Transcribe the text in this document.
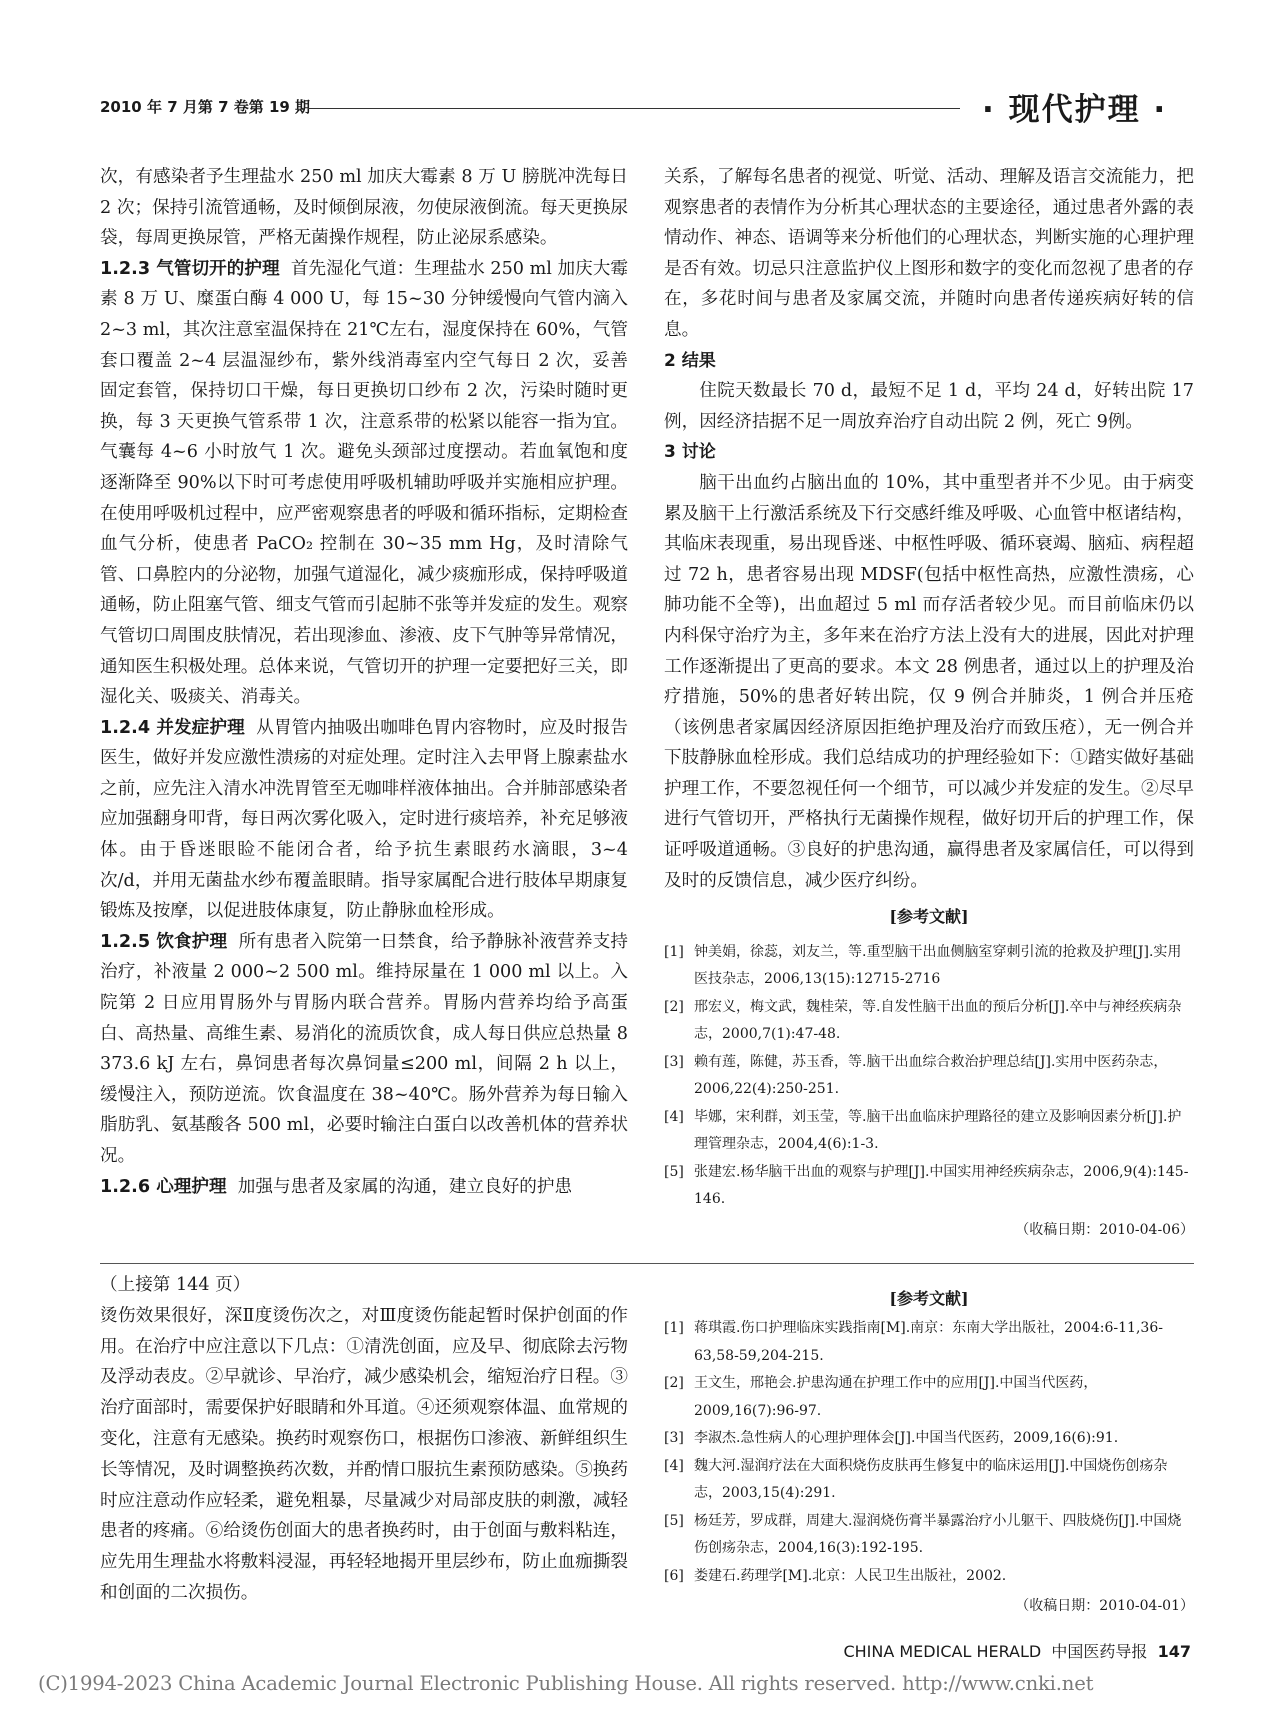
2010 年 7 月第 7 卷第 19 期	· 现代护理 ·

次，有感染者予生理盐水 250 ml 加庆大霉素 8 万 U 膀胱冲洗每日 2 次；保持引流管通畅，及时倾倒尿液，勿使尿液倒流。每天更换尿袋，每周更换尿管，严格无菌操作规程，防止泌尿系感染。

1.2.3 气管切开的护理 首先湿化气道：生理盐水 250 ml 加庆大霉素 8 万 U、糜蛋白酶 4 000 U，每 15~30 分钟缓慢向气管内滴入 2~3 ml，其次注意室温保持在 21℃左右，湿度保持在 60%，气管套口覆盖 2~4 层温湿纱布，紫外线消毒室内空气每日 2 次，妥善固定套管，保持切口干燥，每日更换切口纱布 2 次，污染时随时更换，每 3 天更换气管系带 1 次，注意系带的松紧以能容一指为宜。气囊每 4~6 小时放气 1 次。避免头颈部过度摆动。若血氧饱和度逐渐降至 90%以下时可考虑使用呼吸机辅助呼吸并实施相应护理。在使用呼吸机过程中，应严密观察患者的呼吸和循环指标，定期检查血气分析，使患者 PaCO₂ 控制在 30~35 mm Hg，及时清除气管、口鼻腔内的分泌物，加强气道湿化，减少痰痂形成，保持呼吸道通畅，防止阻塞气管、细支气管而引起肺不张等并发症的发生。观察气管切口周围皮肤情况，若出现渗血、渗液、皮下气肿等异常情况，通知医生积极处理。总体来说，气管切开的护理一定要把好三关，即湿化关、吸痰关、消毒关。

1.2.4 并发症护理 从胃管内抽吸出咖啡色胃内容物时，应及时报告医生，做好并发应激性溃疡的对症处理。定时注入去甲肾上腺素盐水之前，应先注入清水冲洗胃管至无咖啡样液体抽出。合并肺部感染者应加强翻身叩背，每日两次雾化吸入，定时进行痰培养，补充足够液体。由于昏迷眼睑不能闭合者，给予抗生素眼药水滴眼，3~4 次/d，并用无菌盐水纱布覆盖眼睛。指导家属配合进行肢体早期康复锻炼及按摩，以促进肢体康复，防止静脉血栓形成。

1.2.5 饮食护理 所有患者入院第一日禁食，给予静脉补液营养支持治疗，补液量 2 000~2 500 ml。维持尿量在 1 000 ml 以上。入院第 2 日应用胃肠外与胃肠内联合营养。胃肠内营养均给予高蛋白、高热量、高维生素、易消化的流质饮食，成人每日供应总热量 8 373.6 kJ 左右，鼻饲患者每次鼻饲量≤200 ml，间隔 2 h 以上，缓慢注入，预防逆流。饮食温度在 38~40℃。肠外营养为每日输入脂肪乳、氨基酸各 500 ml，必要时输注白蛋白以改善机体的营养状况。

1.2.6 心理护理 加强与患者及家属的沟通，建立良好的护患

关系，了解每名患者的视觉、听觉、活动、理解及语言交流能力，把观察患者的表情作为分析其心理状态的主要途径，通过患者外露的表情动作、神态、语调等来分析他们的心理状态，判断实施的心理护理是否有效。切忌只注意监护仪上图形和数字的变化而忽视了患者的存在，多花时间与患者及家属交流，并随时向患者传递疾病好转的信息。

2 结果

住院天数最长 70 d，最短不足 1 d，平均 24 d，好转出院 17 例，因经济拮据不足一周放弃治疗自动出院 2 例，死亡 9例。

3 讨论

脑干出血约占脑出血的 10%，其中重型者并不少见。由于病变累及脑干上行激活系统及下行交感纤维及呼吸、心血管中枢诸结构，其临床表现重，易出现昏迷、中枢性呼吸、循环衰竭、脑疝、病程超过 72 h，患者容易出现 MDSF(包括中枢性高热，应激性溃疡，心肺功能不全等)，出血超过 5 ml 而存活者较少见。而目前临床仍以内科保守治疗为主，多年来在治疗方法上没有大的进展，因此对护理工作逐渐提出了更高的要求。本文 28 例患者，通过以上的护理及治疗措施，50%的患者好转出院，仅 9 例合并肺炎，1 例合并压疮（该例患者家属因经济原因拒绝护理及治疗而致压疮），无一例合并下肢静脉血栓形成。我们总结成功的护理经验如下：①踏实做好基础护理工作，不要忽视任何一个细节，可以减少并发症的发生。②尽早进行气管切开，严格执行无菌操作规程，做好切开后的护理工作，保证呼吸道通畅。③良好的护患沟通，赢得患者及家属信任，可以得到及时的反馈信息，减少医疗纠纷。

[参考文献]
[1] 钟美娟，徐蕊，刘友兰，等.重型脑干出血侧脑室穿刺引流的抢救及护理[J].实用医技杂志，2006,13(15):12715-2716
[2] 邢宏义，梅文武，魏桂荣，等.自发性脑干出血的预后分析[J].卒中与神经疾病杂志，2000,7(1):47-48.
[3] 赖有莲，陈健，苏玉香，等.脑干出血综合救治护理总结[J].实用中医药杂志，2006,22(4):250-251.
[4] 毕娜，宋利群，刘玉莹，等.脑干出血临床护理路径的建立及影响因素分析[J].护理管理杂志，2004,4(6):1-3.
[5] 张建宏.杨华脑干出血的观察与护理[J].中国实用神经疾病杂志，2006,9(4):145-146.
（收稿日期：2010-04-06）

（上接第 144 页）

烫伤效果很好，深Ⅱ度烫伤次之，对Ⅲ度烫伤能起暂时保护创面的作用。在治疗中应注意以下几点：①清洗创面，应及早、彻底除去污物及浮动表皮。②早就诊、早治疗，减少感染机会，缩短治疗日程。③治疗面部时，需要保护好眼睛和外耳道。④还须观察体温、血常规的变化，注意有无感染。换药时观察伤口，根据伤口渗液、新鲜组织生长等情况，及时调整换药次数，并酌情口服抗生素预防感染。⑤换药时应注意动作应轻柔，避免粗暴，尽量减少对局部皮肤的刺激，减轻患者的疼痛。⑥给烫伤创面大的患者换药时，由于创面与敷料粘连，应先用生理盐水将敷料浸湿，再轻轻地揭开里层纱布，防止血痂撕裂和创面的二次损伤。

[参考文献]
[1] 蒋琪霞.伤口护理临床实践指南[M].南京：东南大学出版社，2004:6-11,36-63,58-59,204-215.
[2] 王文生，邢艳会.护患沟通在护理工作中的应用[J].中国当代医药，2009,16(7):96-97.
[3] 李淑杰.急性病人的心理护理体会[J].中国当代医药，2009,16(6):91.
[4] 魏大河.湿润疗法在大面积烧伤皮肤再生修复中的临床运用[J].中国烧伤创疡杂志，2003,15(4):291.
[5] 杨廷芳，罗成群，周建大.湿润烧伤膏半暴露治疗小儿躯干、四肢烧伤[J].中国烧伤创疡杂志，2004,16(3):192-195.
[6] 娄建石.药理学[M].北京：人民卫生出版社，2002.
（收稿日期：2010-04-01）
CHINA MEDICAL HERALD 中国医药导报 147
(C)1994-2023 China Academic Journal Electronic Publishing House. All rights reserved. http://www.cnki.net
